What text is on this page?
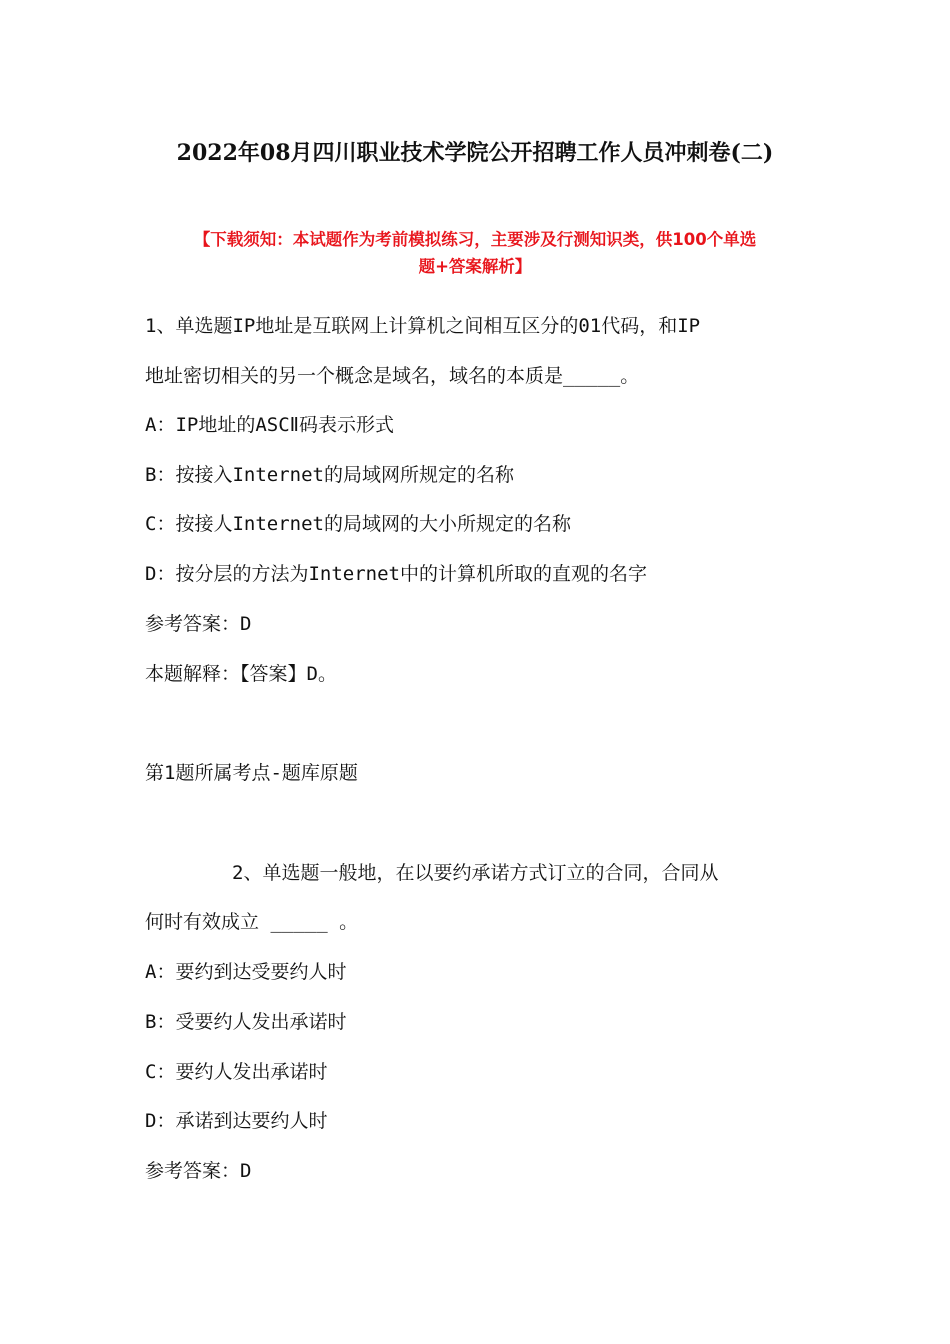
2022年08月四川职业技术学院公开招聘工作人员冲刺卷(二)
【下载须知：本试题作为考前模拟练习，主要涉及行测知识类，供100个单选
题+答案解析】

1、单选题IP地址是互联网上计算机之间相互区分的01代码，和IP

地址密切相关的另一个概念是域名，域名的本质是_____。

A：IP地址的ASCⅡ码表示形式

B：按接入Internet的局域网所规定的名称

C：按接人Internet的局域网的大小所规定的名称

D：按分层的方法为Internet中的计算机所取的直观的名字

参考答案：D

本题解释：【答案】D。

第1题所属考点-题库原题

2、单选题一般地，在以要约承诺方式订立的合同，合同从

何时有效成立 _____ 。

A：要约到达受要约人时

B：受要约人发出承诺时

C：要约人发出承诺时

D：承诺到达要约人时

参考答案：D
